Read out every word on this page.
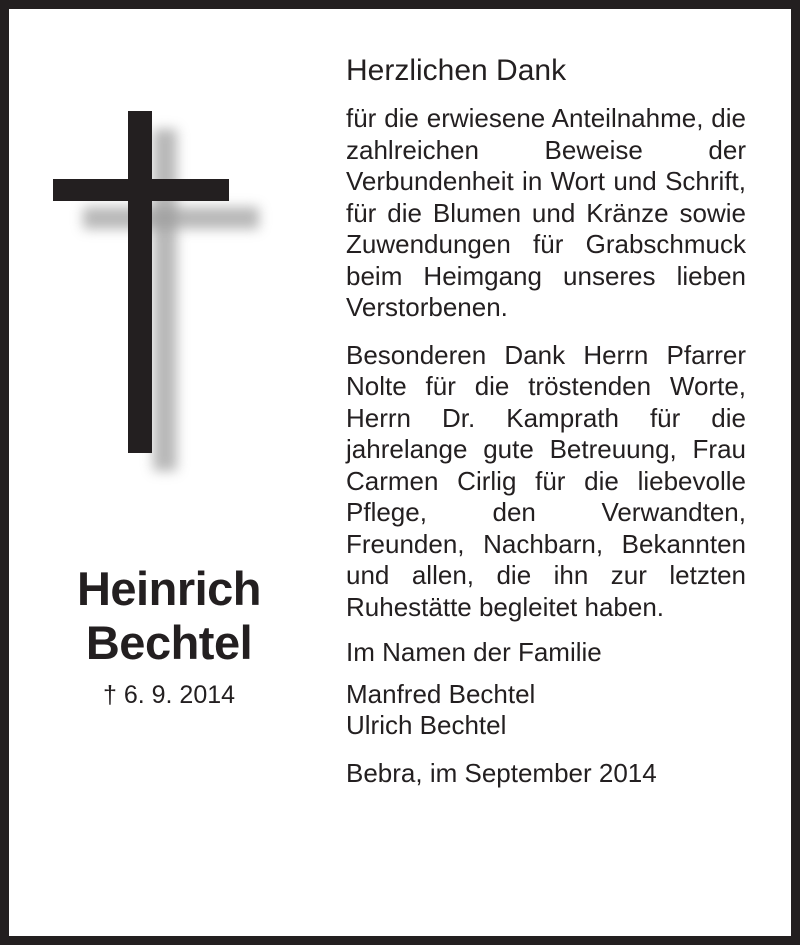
Heinrich
Bechtel
† 6. 9. 2014
Herzlichen Dank

für die erwiesene Anteilnahme, die zahlreichen Beweise der Verbundenheit in Wort und Schrift, für die Blumen und Kränze sowie Zuwendungen für Grabschmuck beim Heimgang unseres lieben Verstorbenen.

Besonderen Dank Herrn Pfarrer Nolte für die tröstenden Worte, Herrn Dr. Kamprath für die jahrelange gute Betreuung, Frau Carmen Cirlig für die liebevolle Pflege, den Verwandten, Freunden, Nachbarn, Bekannten und allen, die ihn zur letzten Ruhestätte begleitet haben.

Im Namen der Familie
Manfred Bechtel
Ulrich Bechtel
Bebra, im September 2014
